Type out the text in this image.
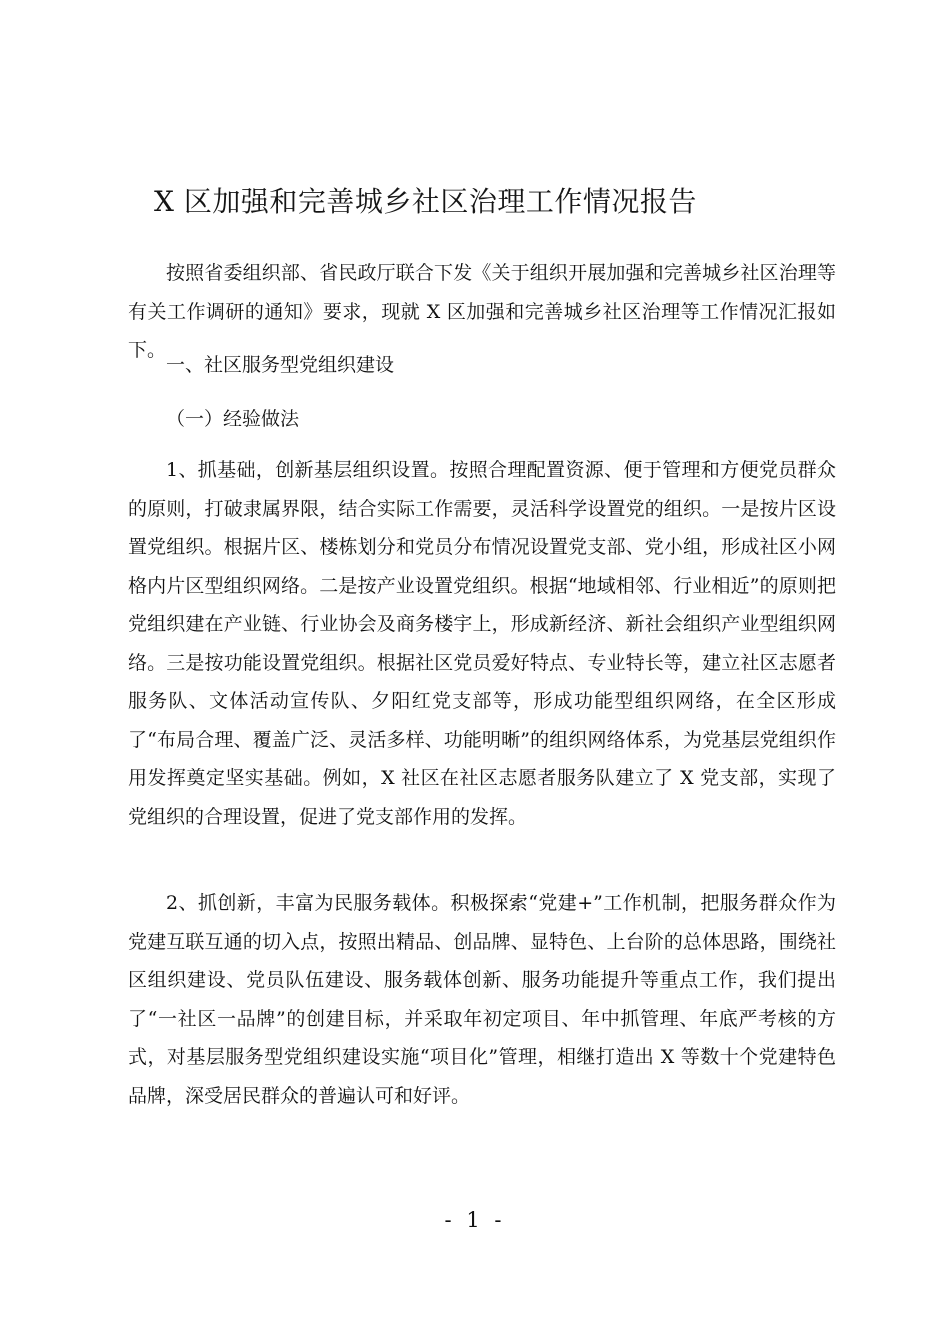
X 区加强和完善城乡社区治理工作情况报告

按照省委组织部、省民政厅联合下发《关于组织开展加强和完善城乡社区治理等有关工作调研的通知》要求，现就 X 区加强和完善城乡社区治理等工作情况汇报如下。

一、社区服务型党组织建设
（一）经验做法

1、抓基础，创新基层组织设置。按照合理配置资源、便于管理和方便党员群众的原则，打破隶属界限，结合实际工作需要，灵活科学设置党的组织。一是按片区设置党组织。根据片区、楼栋划分和党员分布情况设置党支部、党小组，形成社区小网格内片区型组织网络。二是按产业设置党组织。根据“地域相邻、行业相近”的原则把党组织建在产业链、行业协会及商务楼宇上，形成新经济、新社会组织产业型组织网络。三是按功能设置党组织。根据社区党员爱好特点、专业特长等，建立社区志愿者服务队、文体活动宣传队、夕阳红党支部等，形成功能型组织网络，在全区形成了“布局合理、覆盖广泛、灵活多样、功能明晰”的组织网络体系，为党基层党组织作用发挥奠定坚实基础。例如，X 社区在社区志愿者服务队建立了 X 党支部，实现了党组织的合理设置，促进了党支部作用的发挥。

2、抓创新，丰富为民服务载体。积极探索“党建+”工作机制，把服务群众作为党建互联互通的切入点，按照出精品、创品牌、显特色、上台阶的总体思路，围绕社区组织建设、党员队伍建设、服务载体创新、服务功能提升等重点工作，我们提出了“一社区一品牌”的创建目标，并采取年初定项目、年中抓管理、年底严考核的方式，对基层服务型党组织建设实施“项目化”管理，相继打造出 X 等数十个党建特色品牌，深受居民群众的普遍认可和好评。

- 1 -
